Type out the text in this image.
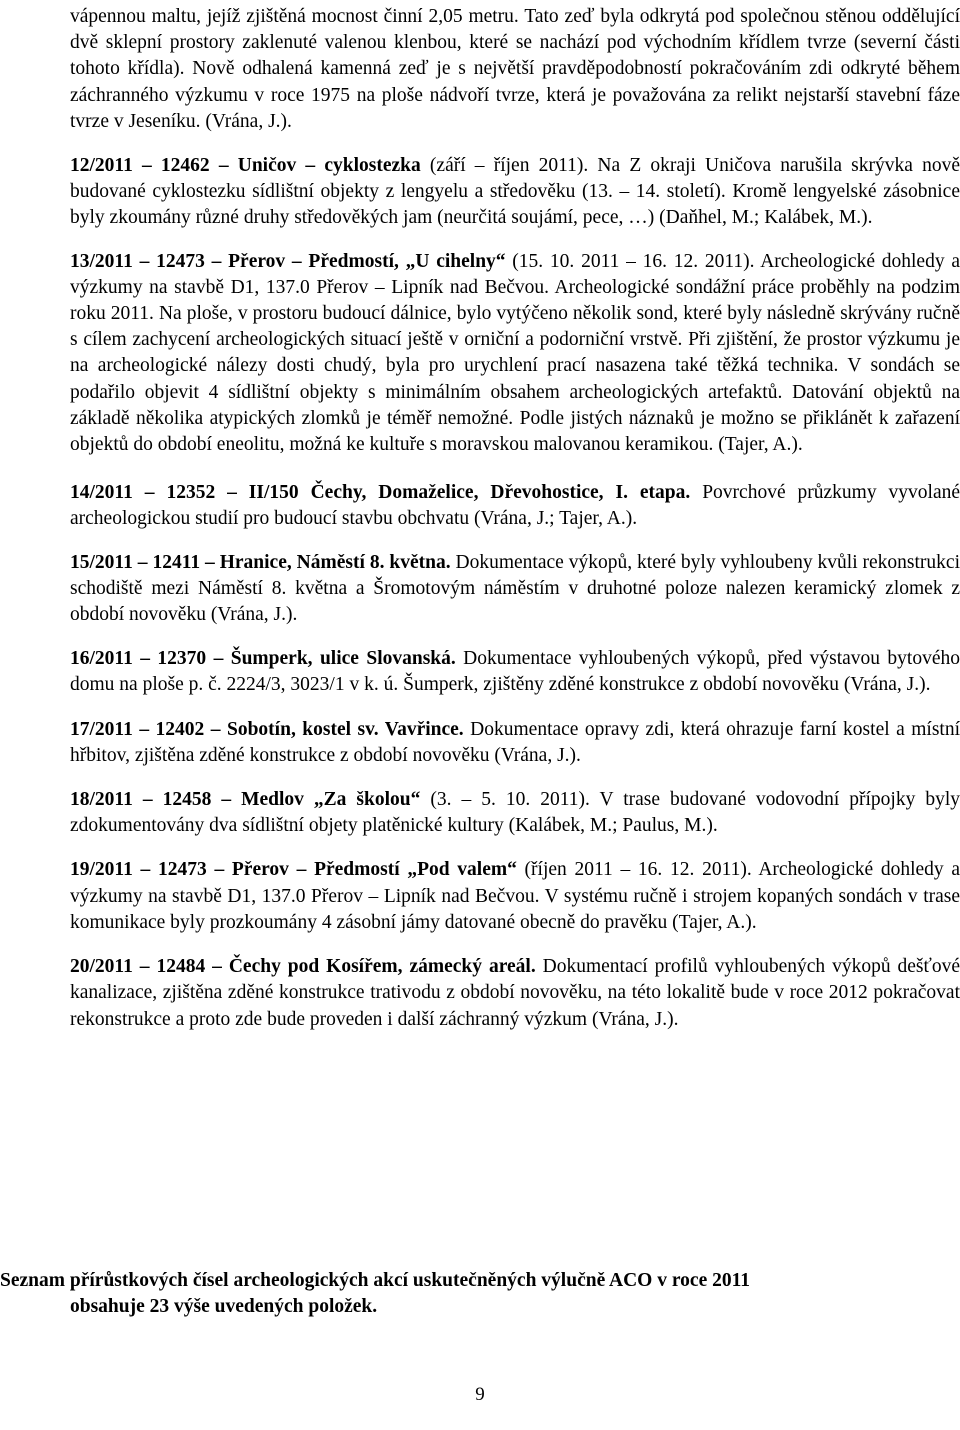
vápennou maltu, jejíž zjištěná mocnost činní 2,05 metru. Tato zeď byla odkrytá pod společnou stěnou oddělující dvě sklepní prostory zaklenuté valenou klenbou, které se nachází pod východním křídlem tvrze (severní části tohoto křídla). Nově odhalená kamenná zeď je s největší pravděpodobností pokračováním zdi odkryté během záchranného výzkumu v roce 1975 na ploše nádvoří tvrze, která je považována za relikt nejstarší stavební fáze tvrze v Jeseníku. (Vrána, J.).

12/2011 – 12462 – Uničov – cyklostezka (září – říjen 2011). Na Z okraji Uničova narušila skrývka nově budované cyklostezku sídlištní objekty z lengyelu a středověku (13. – 14. století). Kromě lengyelské zásobnice byly zkoumány různé druhy středověkých jam (neurčitá soujámí, pece, …) (Daňhel, M.; Kalábek, M.).

13/2011 – 12473 – Přerov – Předmostí, „U cihelny“ (15. 10. 2011 – 16. 12. 2011). Archeologické dohledy a výzkumy na stavbě D1, 137.0 Přerov – Lipník nad Bečvou. Archeologické sondážní práce proběhly na podzim roku 2011. Na ploše, v prostoru budoucí dálnice, bylo vytýčeno několik sond, které byly následně skrývány ručně s cílem zachycení archeologických situací ještě v orniční a podorniční vrstvě. Při zjištění, že prostor výzkumu je na archeologické nálezy dosti chudý, byla pro urychlení prací nasazena také těžká technika. V sondách se podařilo objevit 4 sídlištní objekty s minimálním obsahem archeologických artefaktů. Datování objektů na základě několika atypických zlomků je téměř nemožné. Podle jistých náznaků je možno se přiklánět k zařazení objektů do období eneolitu, možná ke kultuře s moravskou malovanou keramikou. (Tajer, A.).

14/2011 – 12352 – II/150 Čechy, Domaželice, Dřevohostice, I. etapa. Povrchové průzkumy vyvolané archeologickou studií pro budoucí stavbu obchvatu (Vrána, J.; Tajer, A.).

15/2011 – 12411 – Hranice, Náměstí 8. května. Dokumentace výkopů, které byly vyhloubeny kvůli rekonstrukci schodiště mezi Náměstí 8. května a Šromotovým náměstím v druhotné poloze nalezen keramický zlomek z období novověku (Vrána, J.).

16/2011 – 12370 – Šumperk, ulice Slovanská. Dokumentace vyhloubených výkopů, před výstavou bytového domu na ploše p. č. 2224/3, 3023/1 v k. ú. Šumperk, zjištěny zděné konstrukce z období novověku (Vrána, J.).

17/2011 – 12402 – Sobotín, kostel sv. Vavřince. Dokumentace opravy zdi, která ohrazuje farní kostel a místní hřbitov, zjištěna zděné konstrukce z období novověku (Vrána, J.).

18/2011 – 12458 – Medlov „Za školou“ (3. – 5. 10. 2011). V trase budované vodovodní přípojky byly zdokumentovány dva sídlištní objety platěnické kultury (Kalábek, M.; Paulus, M.).

19/2011 – 12473 – Přerov – Předmostí „Pod valem“ (říjen 2011 – 16. 12. 2011). Archeologické dohledy a výzkumy na stavbě D1, 137.0 Přerov – Lipník nad Bečvou. V systému ručně i strojem kopaných sondách v trase komunikace byly prozkoumány 4 zásobní jámy datované obecně do pravěku (Tajer, A.).

20/2011 – 12484 – Čechy pod Kosířem, zámecký areál. Dokumentací profilů vyhloubených výkopů dešťové kanalizace, zjištěna zděné konstrukce trativodu z období novověku, na této lokalitě bude v roce 2012 pokračovat rekonstrukce a proto zde bude proveden i další záchranný výzkum (Vrána, J.).

Seznam přírůstkových čísel archeologických akcí uskutečněných výlučně ACO v roce 2011
obsahuje 23 výše uvedených položek.
9
